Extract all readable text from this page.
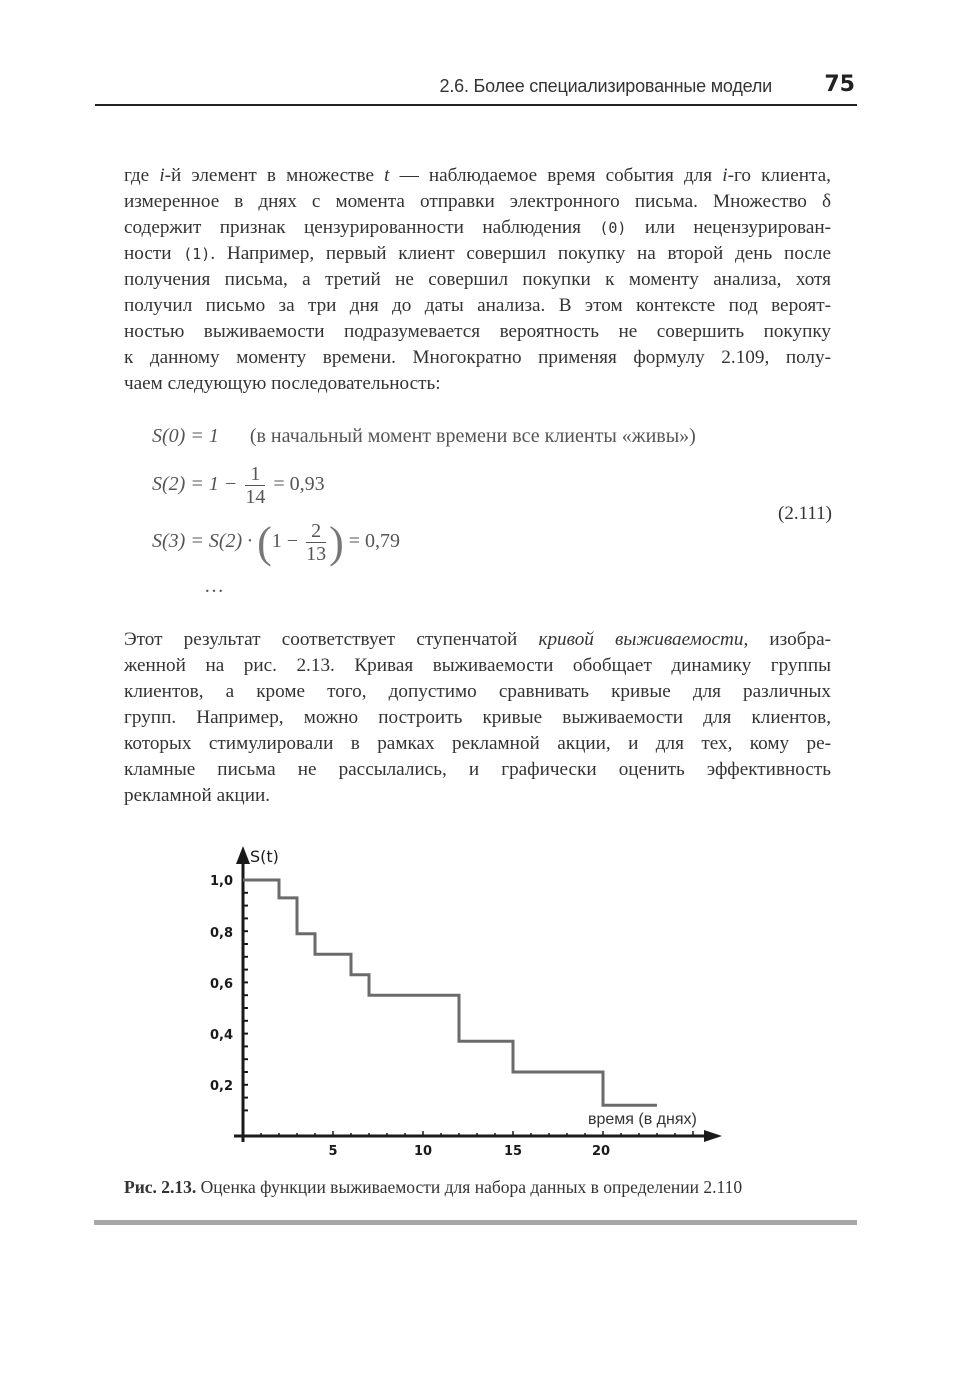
2.6. Более специализированные модели 75
где i-й элемент в множестве t — наблюдаемое время события для i-го клиента,
измеренное в днях с момента отправки электронного письма. Множество δ
содержит признак цензурированности наблюдения (0) или нецензурирован-
ности (1). Например, первый клиент совершил покупку на второй день после
получения письма, а третий не совершил покупки к моменту анализа, хотя
получил письмо за три дня до даты анализа. В этом контексте под вероят-
ностью выживаемости подразумевается вероятность не совершить покупку
к данному моменту времени. Многократно применяя формулу 2.109, полу-
чаем следующую последовательность:
S(0) = 1 (в начальный момент времени все клиенты «живы»)
$S(2) = 1 - \frac{1}{14} = 0,93$
$S(3) = S(2) \cdot (1 - \frac{2}{13}$ ) = 0,79
…
(2.111)
Этот результат соответствует ступенчатой кривой выживаемости, изобра-
женной на рис. 2.13. Кривая выживаемости обобщает динамику группы
клиентов, а кроме того, допустимо сравнивать кривые для различных
групп. Например, можно построить кривые выживаемости для клиентов,
которых стимулировали в рамках рекламной акции, и для тех, кому ре-
кламные письма не рассылались, и графически оценить эффективность
рекламной акции.
S(t)
0,2
0,4
0,6
0,8
1,0
5	10	15	20
время (в днях)
Рис. 2.13. Оценка функции выживаемости для набора данных в определении 2.110
